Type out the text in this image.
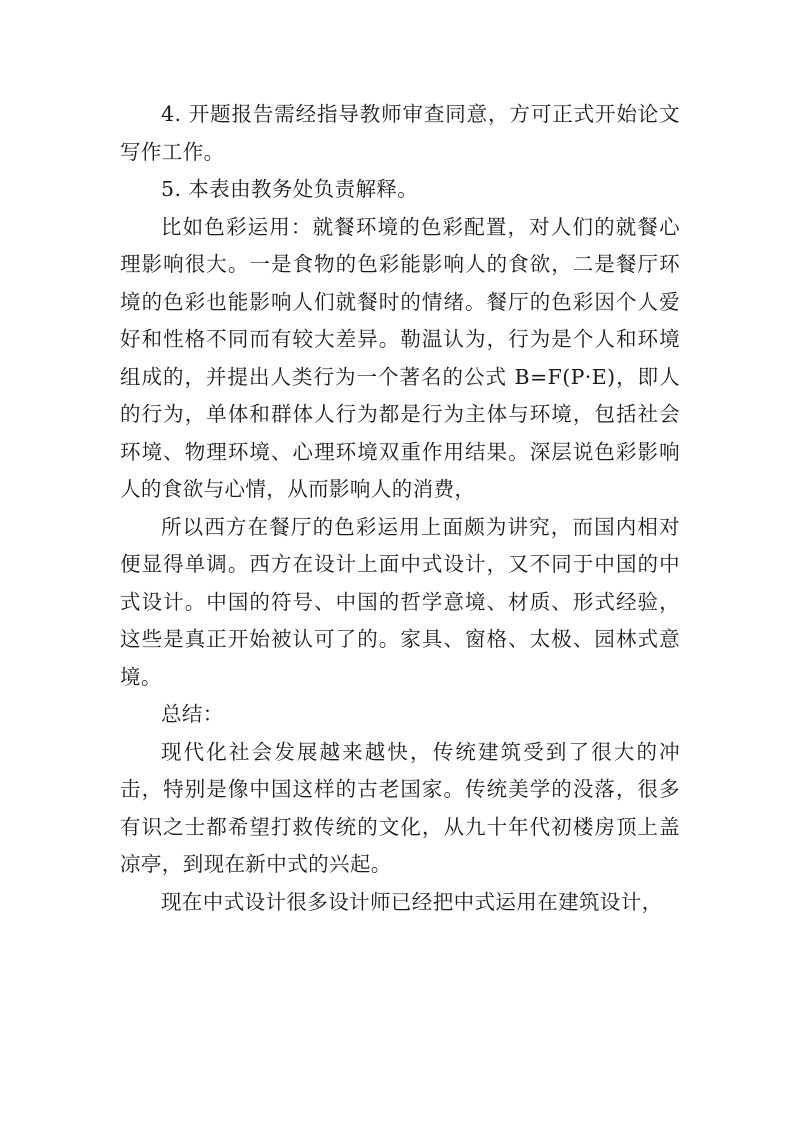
4. 开题报告需经指导教师审查同意，方可正式开始论文写作工作。

5. 本表由教务处负责解释。

比如色彩运用：就餐环境的色彩配置，对人们的就餐心理影响很大。一是食物的色彩能影响人的食欲，二是餐厅环境的色彩也能影响人们就餐时的情绪。餐厅的色彩因个人爱好和性格不同而有较大差异。勒温认为，行为是个人和环境组成的，并提出人类行为一个著名的公式 B=F(P·E)，即人的行为，单体和群体人行为都是行为主体与环境，包括社会环境、物理环境、心理环境双重作用结果。深层说色彩影响人的食欲与心情，从而影响人的消费，

所以西方在餐厅的色彩运用上面颇为讲究，而国内相对便显得单调。西方在设计上面中式设计，又不同于中国的中式设计。中国的符号、中国的哲学意境、材质、形式经验，这些是真正开始被认可了的。家具、窗格、太极、园林式意境。

总结：

现代化社会发展越来越快，传统建筑受到了很大的冲击，特别是像中国这样的古老国家。传统美学的没落，很多有识之士都希望打救传统的文化，从九十年代初楼房顶上盖凉亭，到现在新中式的兴起。

现在中式设计很多设计师已经把中式运用在建筑设计，
